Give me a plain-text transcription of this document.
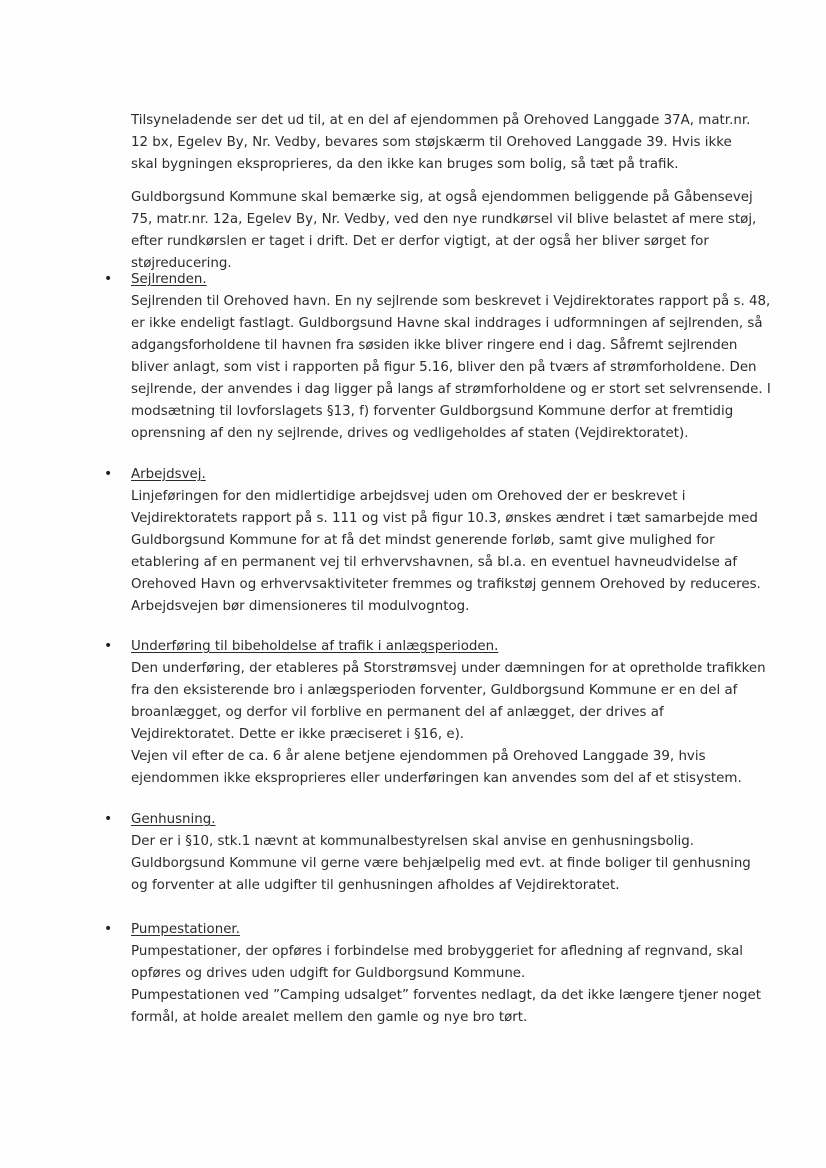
Tilsyneladende ser det ud til, at en del af ejendommen på Orehoved Langgade 37A, matr.nr. 12 bx, Egelev By, Nr. Vedby, bevares som støjskærm til Orehoved Langgade 39. Hvis ikke skal bygningen eksproprieres, da den ikke kan bruges som bolig, så tæt på trafik.

Guldborgsund Kommune skal bemærke sig, at også ejendommen beliggende på Gåbensevej 75, matr.nr. 12a, Egelev By, Nr. Vedby, ved den nye rundkørsel vil blive belastet af mere støj, efter rundkørslen er taget i drift. Det er derfor vigtigt, at der også her bliver sørget for støjreducering.

• Sejlrenden.

Sejlrenden til Orehoved havn. En ny sejlrende som beskrevet i Vejdirektorates rapport på s. 48, er ikke endeligt fastlagt. Guldborgsund Havne skal inddrages i udformningen af sejlrenden, så adgangsforholdene til havnen fra søsiden ikke bliver ringere end i dag. Såfremt sejlrenden bliver anlagt, som vist i rapporten på figur 5.16, bliver den på tværs af strømforholdene. Den sejlrende, der anvendes i dag ligger på langs af strømforholdene og er stort set selvrensende. I modsætning til lovforslagets §13, f) forventer Guldborgsund Kommune derfor at fremtidig oprensning af den ny sejlrende, drives og vedligeholdes af staten (Vejdirektoratet).

• Arbejdsvej.

Linjeføringen for den midlertidige arbejdsvej uden om Orehoved der er beskrevet i Vejdirektoratets rapport på s. 111 og vist på figur 10.3, ønskes ændret i tæt samarbejde med Guldborgsund Kommune for at få det mindst generende forløb, samt give mulighed for etablering af en permanent vej til erhvervshavnen, så bl.a. en eventuel havneudvidelse af Orehoved Havn og erhvervsaktiviteter fremmes og trafikstøj gennem Orehoved by reduceres. Arbejdsvejen bør dimensioneres til modulvogntog.

• Underføring til bibeholdelse af trafik i anlægsperioden.

Den underføring, der etableres på Storstrømsvej under dæmningen for at opretholde trafikken fra den eksisterende bro i anlægsperioden forventer, Guldborgsund Kommune er en del af broanlægget, og derfor vil forblive en permanent del af anlægget, der drives af Vejdirektoratet. Dette er ikke præciseret i §16, e).

Vejen vil efter de ca. 6 år alene betjene ejendommen på Orehoved Langgade 39, hvis ejendommen ikke eksproprieres eller underføringen kan anvendes som del af et stisystem.

• Genhusning.

Der er i §10, stk.1 nævnt at kommunalbestyrelsen skal anvise en genhusningsbolig. Guldborgsund Kommune vil gerne være behjælpelig med evt. at finde boliger til genhusning og forventer at alle udgifter til genhusningen afholdes af Vejdirektoratet.

• Pumpestationer.

Pumpestationer, der opføres i forbindelse med brobyggeriet for afledning af regnvand, skal opføres og drives uden udgift for Guldborgsund Kommune.

Pumpestationen ved ”Camping udsalget” forventes nedlagt, da det ikke længere tjener noget formål, at holde arealet mellem den gamle og nye bro tørt.
